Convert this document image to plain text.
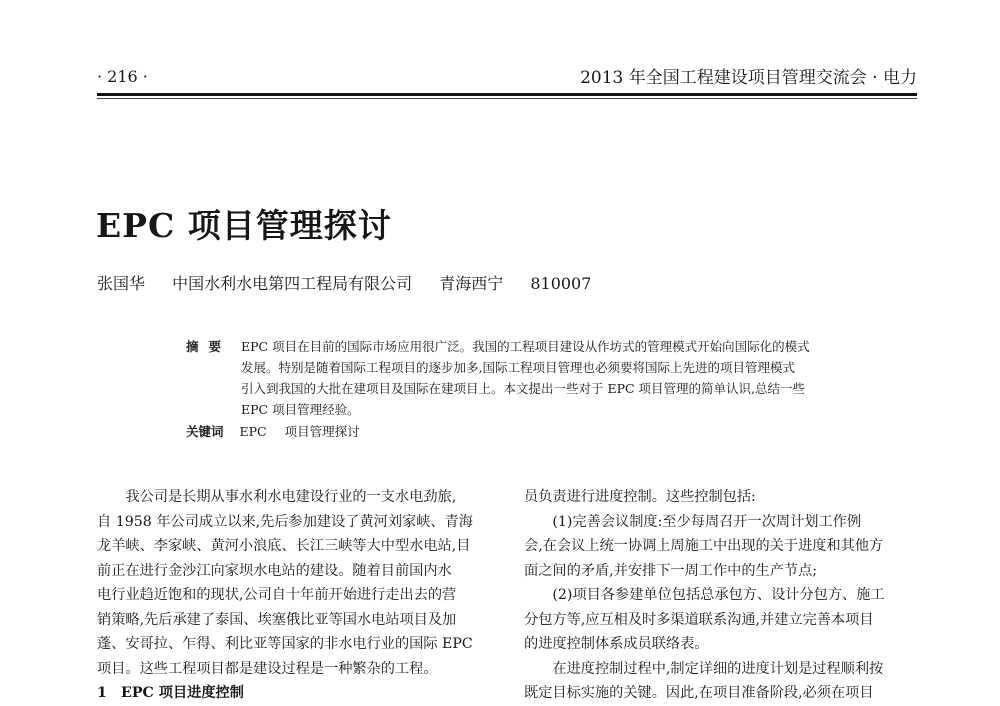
· 216 ·	2013 年全国工程建设项目管理交流会 · 电力
EPC 项目管理探讨
张国华 中国水利水电第四工程局有限公司 青海西宁 810007
摘要 EPC 项目在目前的国际市场应用很广泛。我国的工程项目建设从作坊式的管理模式开始向国际化的模式
发展。特别是随着国际工程项目的逐步加多,国际工程项目管理也必须要将国际上先进的项目管理模式
引入到我国的大批在建项目及国际在建项目上。本文提出一些对于 EPC 项目管理的简单认识,总结一些
EPC 项目管理经验。
关键词 EPC 项目管理探讨
　　我公司是长期从事水利水电建设行业的一支水电劲旅,
自 1958 年公司成立以来,先后参加建设了黄河刘家峡、青海
龙羊峡、李家峡、黄河小浪底、长江三峡等大中型水电站,目
前正在进行金沙江向家坝水电站的建设。随着目前国内水
电行业趋近饱和的现状,公司自十年前开始进行走出去的营
销策略,先后承建了泰国、埃塞俄比亚等国水电站项目及加
蓬、安哥拉、乍得、利比亚等国家的非水电行业的国际 EPC
项目。这些工程项目都是建设过程是一种繁杂的工程。
1　EPC 项目进度控制
员负责进行进度控制。这些控制包括:
　　(1)完善会议制度:至少每周召开一次周计划工作例
会,在会议上统一协调上周施工中出现的关于进度和其他方
面之间的矛盾,并安排下一周工作中的生产节点;
　　(2)项目各参建单位包括总承包方、设计分包方、施工
分包方等,应互相及时多渠道联系沟通,并建立完善本项目
的进度控制体系成员联络表。
　　在进度控制过程中,制定详细的进度计划是过程顺利按
既定目标实施的关键。因此,在项目准备阶段,必须在项目
